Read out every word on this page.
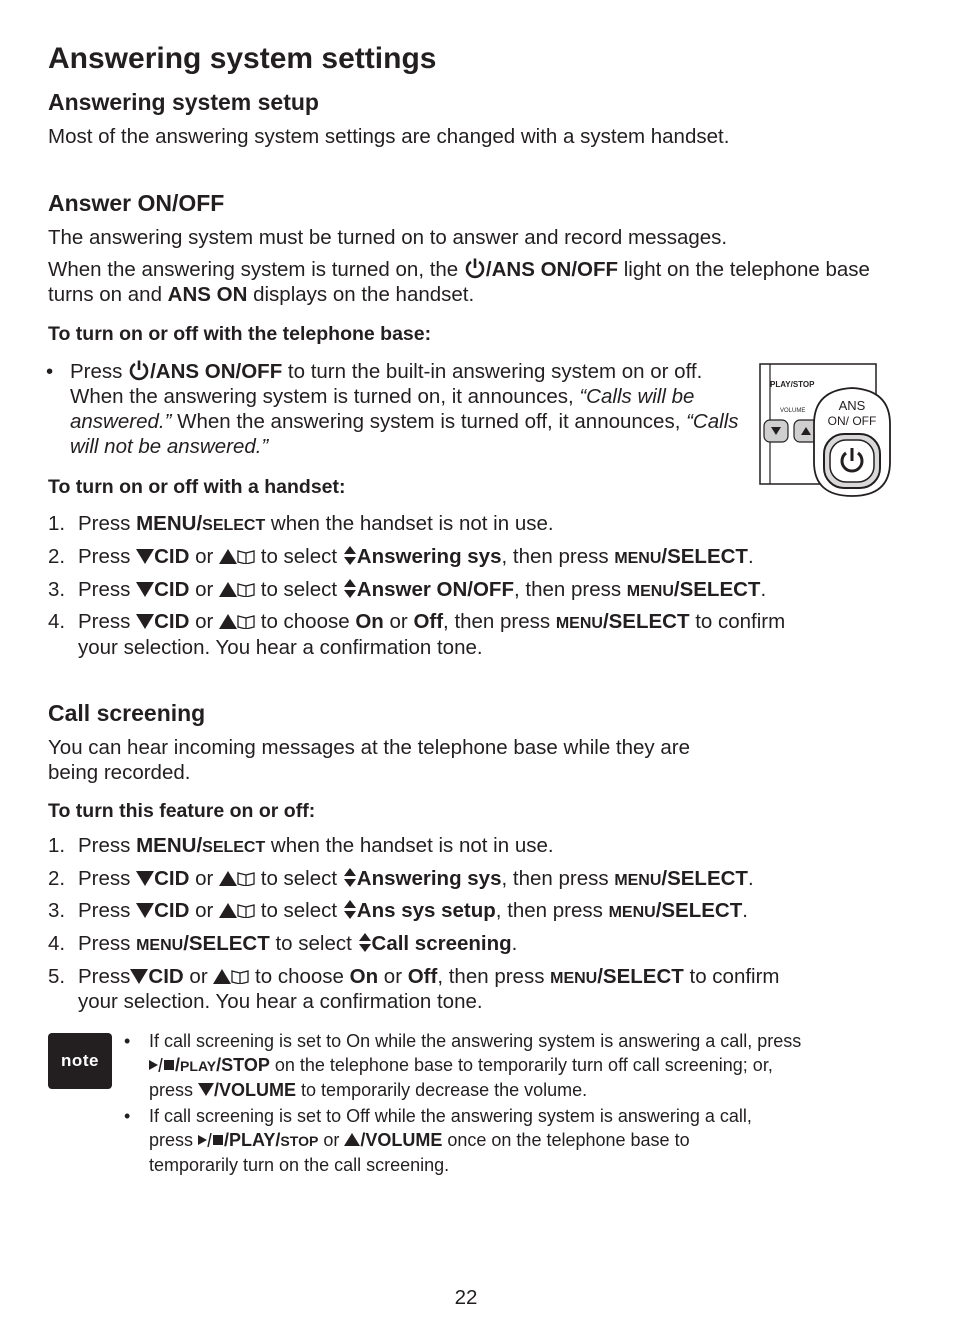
Answering system settings
Answering system setup
Most of the answering system settings are changed with a system handset.
Answer ON/OFF
The answering system must be turned on to answer and record messages.
When the answering system is turned on, the /ANS ON/OFF light on the telephone base turns on and ANS ON displays on the handset.
To turn on or off with the telephone base:
• Press /ANS ON/OFF to turn the built-in answering system on or off. When the answering system is turned on, it announces, “Calls will be answered.” When the answering system is turned off, it announces, “Calls will not be answered.”
PLAY/STOP
VOLUME	ANS
ON/ OFF
To turn on or off with a handset:
1. Press MENU/SELECT when the handset is not in use.
2. Press CID or  to select Answering sys, then press MENU/SELECT.
3. Press CID or  to select Answer ON/OFF, then press MENU/SELECT.
4. Press CID or  to choose On or Off, then press MENU/SELECT to confirm
your selection. You hear a confirmation tone.
Call screening
You can hear incoming messages at the telephone base while they are
being recorded.
To turn this feature on or off:
1. Press MENU/SELECT when the handset is not in use.
2. Press CID or  to select Answering sys, then press MENU/SELECT.
3. Press CID or  to select Ans sys setup, then press MENU/SELECT.
4. Press MENU/SELECT to select Call screening.
5. Press CID or  to choose On or Off, then press MENU/SELECT to confirm
your selection. You hear a confirmation tone.
note
• If call screening is set to On while the answering system is answering a call, press
/PLAY/STOP on the telephone base to temporarily turn off call screening; or,
press /VOLUME to temporarily decrease the volume.
• If call screening is set to Off while the answering system is answering a call,
press /PLAY/STOP or /VOLUME once on the telephone base to
temporarily turn on the call screening.
22
